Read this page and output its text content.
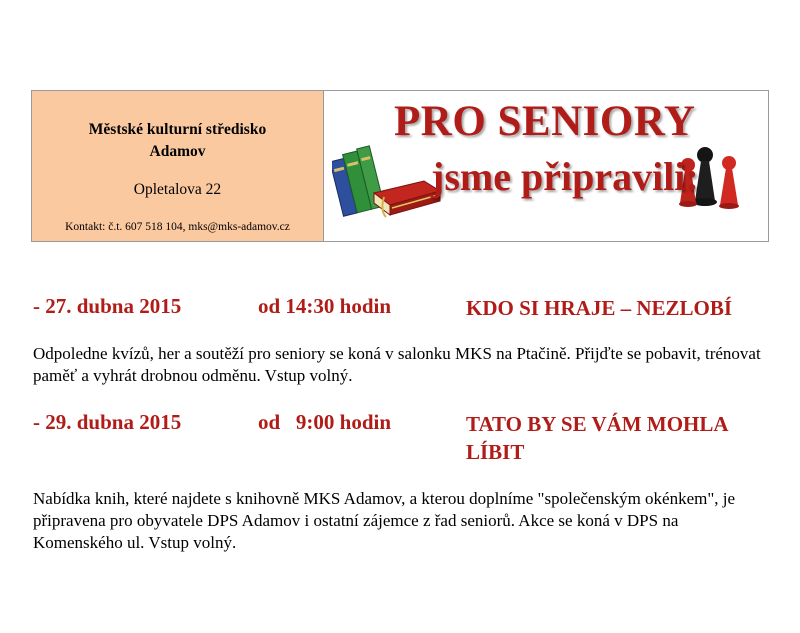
Městské kulturní středisko
Adamov
Opletalova 22
Kontakt: č.t. 607 518 104, mks@mks-adamov.cz
PRO SENIORY
jsme připravili:
- 27. dubna 2015	od 14:30 hodin	KDO SI HRAJE – NEZLOBÍ
Odpoledne kvízů, her a soutěží pro seniory se koná v salonku MKS na Ptačině. Přijďte se pobavit, trénovat paměť a vyhrát drobnou odměnu. Vstup volný.
- 29. dubna 2015	od   9:00 hodin	TATO BY SE VÁM MOHLA LÍBIT
Nabídka knih, které najdete s knihovně MKS Adamov, a kterou doplníme "společenským okénkem", je připravena pro obyvatele DPS Adamov i ostatní zájemce z řad seniorů. Akce se koná v DPS na Komenského ul. Vstup volný.
